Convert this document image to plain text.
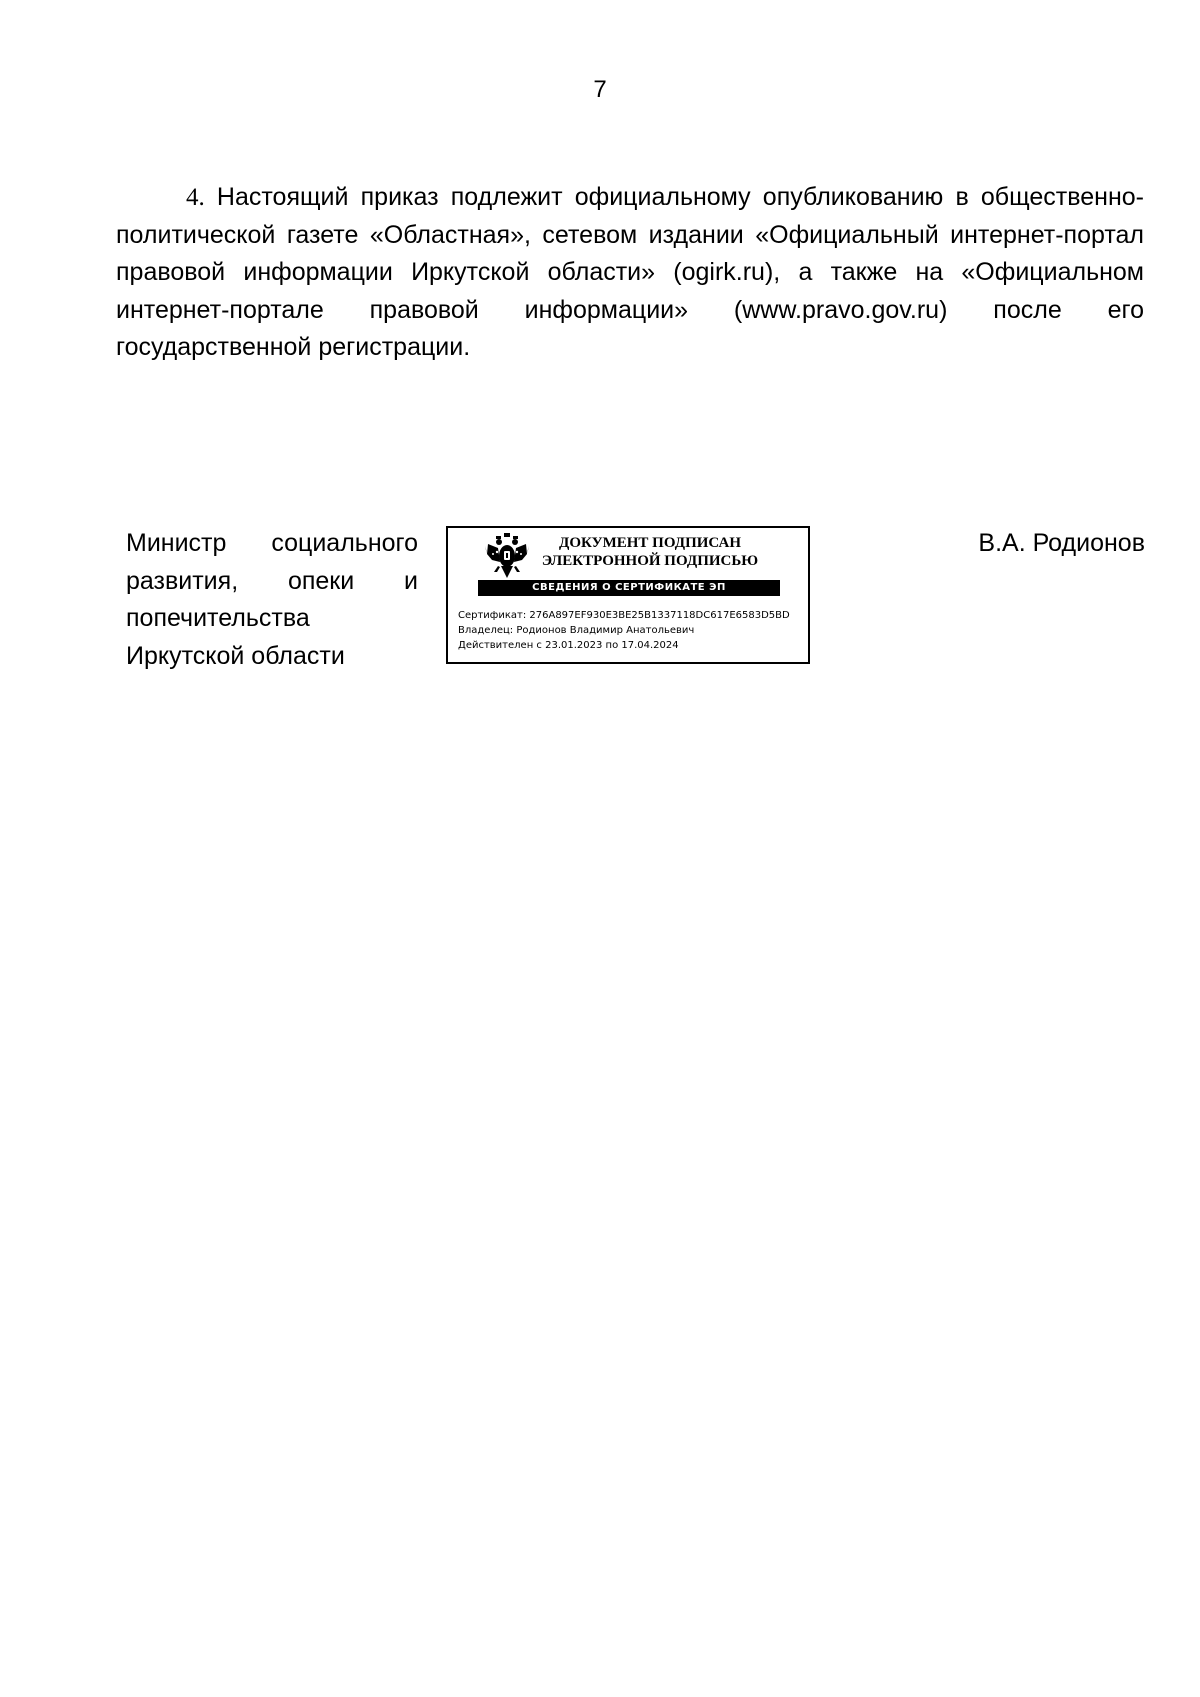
7

4. Настоящий приказ подлежит официальному опубликованию в общественно-политической газете «Областная», сетевом издании «Официальный интернет-портал правовой информации Иркутской области» (ogirk.ru), а также на «Официальном интернет-портале правовой информации» (www.pravo.gov.ru) после его государственной регистрации.

Министр социального
развития, опеки и
попечительства
Иркутской области
ДОКУМЕНТ ПОДПИСАН
ЭЛЕКТРОННОЙ ПОДПИСЬЮ
СВЕДЕНИЯ О СЕРТИФИКАТЕ ЭП
Сертификат: 276A897EF930E3BE25B1337118DC617E6583D5BD
Владелец: Родионов Владимир Анатольевич
Действителен с 23.01.2023 по 17.04.2024
В.А. Родионов
